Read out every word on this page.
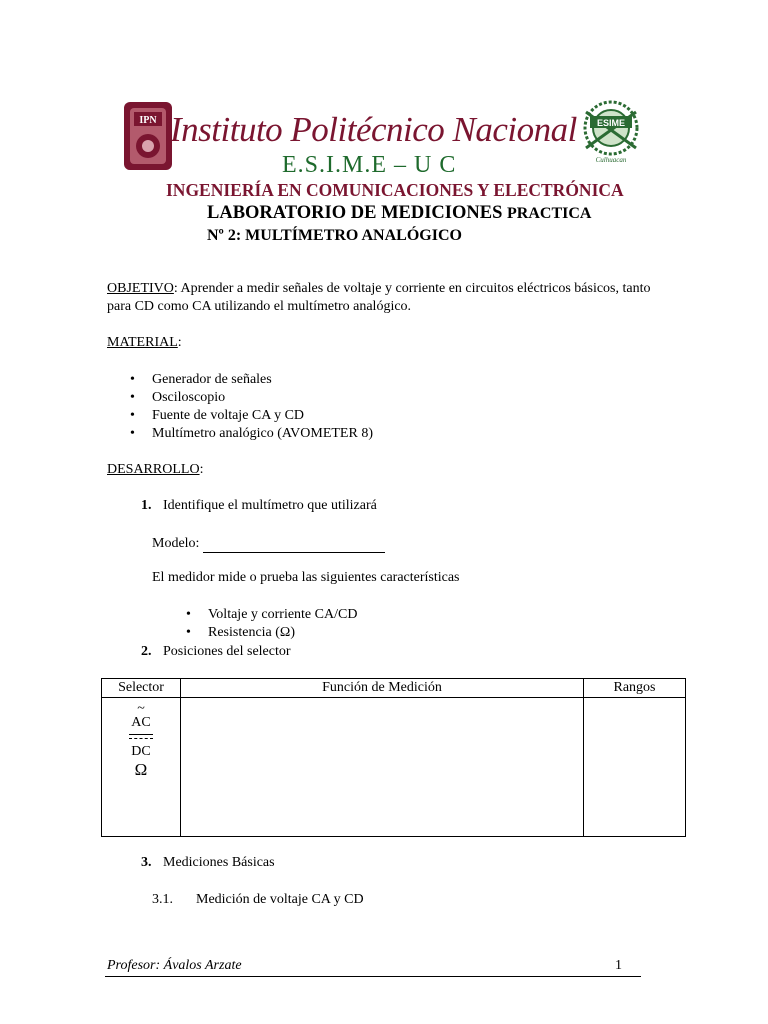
IPN	ESIME
Culhuacan
Instituto Politécnico Nacional
E.S.I.M.E – U C
INGENIERÍA EN COMUNICACIONES Y ELECTRÓNICA
LABORATORIO DE MEDICIONES PRACTICA
Nº 2: MULTÍMETRO ANALÓGICO
OBJETIVO: Aprender a medir señales de voltaje y corriente en circuitos eléctricos básicos, tanto para CD como CA utilizando el multímetro analógico.
MATERIAL:
• Generador de señales
• Osciloscopio
• Fuente de voltaje CA y CD
• Multímetro analógico (AVOMETER 8)
DESARROLLO:
1. Identifique el multímetro que utilizará
Modelo:
El medidor mide o prueba las siguientes características
• Voltaje y corriente CA/CD
• Resistencia (Ω)
2. Posiciones del selector
Selector	Función de Medición	Rangos

~
AC
DC
Ω		

3. Mediciones Básicas
3.1. Medición de voltaje CA y CD
Profesor: Ávalos Arzate	1
